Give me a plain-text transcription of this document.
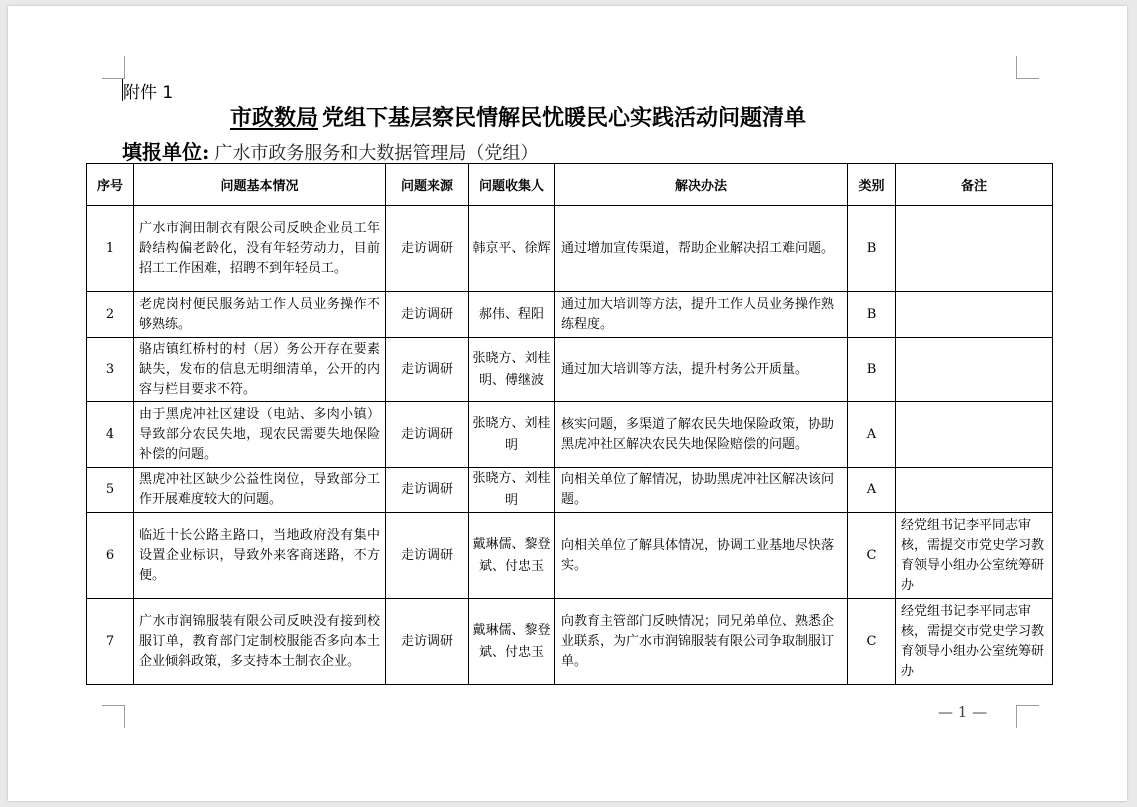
附件 1
市政数局 党组下基层察民情解民忧暖民心实践活动问题清单
填报单位: 广水市政务服务和大数据管理局（党组）
序号	问题基本情况	问题来源	问题收集人	解决办法	类别	备注
1	广水市涧田制衣有限公司反映企业员工年龄结构偏老龄化，没有年轻劳动力，目前招工工作困难，招聘不到年轻员工。	走访调研	韩京平、徐辉	通过增加宣传渠道，帮助企业解决招工难问题。	B	
2	老虎岗村便民服务站工作人员业务操作不够熟练。	走访调研	郝伟、程阳	通过加大培训等方法，提升工作人员业务操作熟练程度。	B	
3	骆店镇红桥村的村（居）务公开存在要素缺失，发布的信息无明细清单，公开的内容与栏目要求不符。	走访调研	张晓方、刘桂明、傅继波	通过加大培训等方法，提升村务公开质量。	B	
4	由于黑虎冲社区建设（电站、多肉小镇）导致部分农民失地，现农民需要失地保险补偿的问题。	走访调研	张晓方、刘桂明	核实问题，多渠道了解农民失地保险政策，协助黑虎冲社区解决农民失地保险赔偿的问题。	A	
5	黑虎冲社区缺少公益性岗位，导致部分工作开展难度较大的问题。	走访调研	张晓方、刘桂明	向相关单位了解情况，协助黑虎冲社区解决该问题。	A	
6	临近十长公路主路口，当地政府没有集中设置企业标识，导致外来客商迷路，不方便。	走访调研	戴琳儒、黎登斌、付忠玉	向相关单位了解具体情况，协调工业基地尽快落实。	C	经党组书记李平同志审核，需提交市党史学习教育领导小组办公室统筹研办
7	广水市润锦服装有限公司反映没有接到校服订单，教育部门定制校服能否多向本土企业倾斜政策，多支持本土制衣企业。	走访调研	戴琳儒、黎登斌、付忠玉	向教育主管部门反映情况；同兄弟单位、熟悉企业联系，为广水市润锦服装有限公司争取制服订单。	C	经党组书记李平同志审核，需提交市党史学习教育领导小组办公室统筹研办
— 1 —
